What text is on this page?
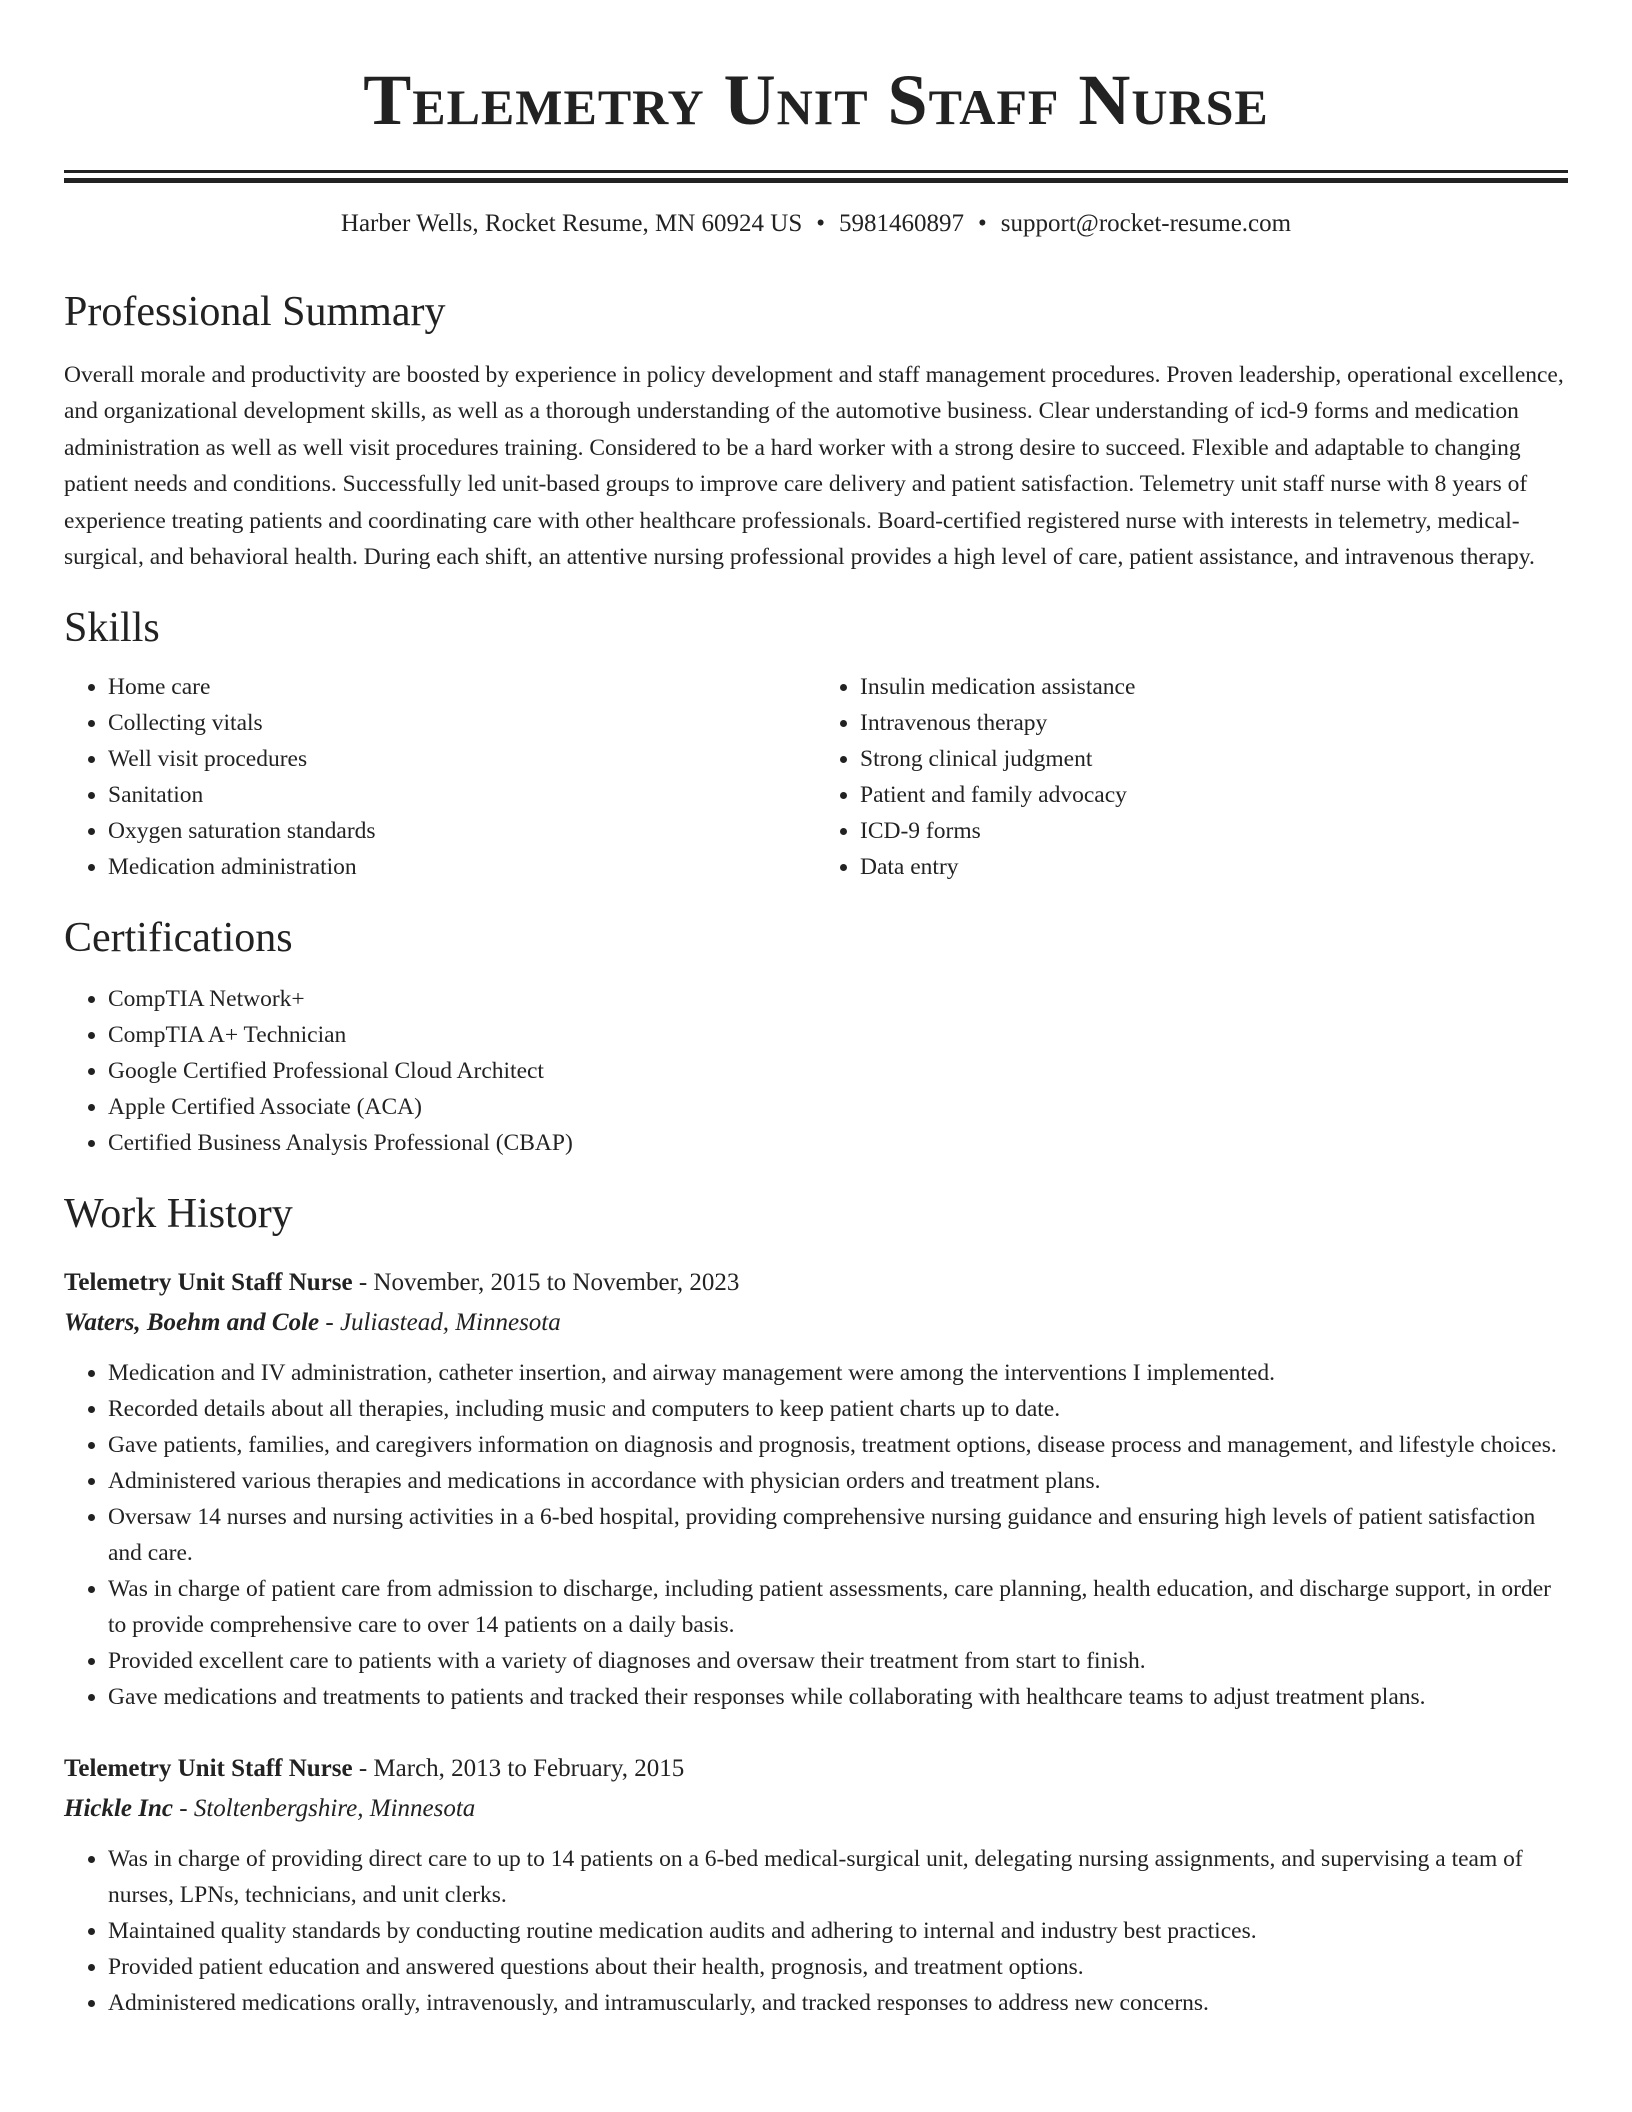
Telemetry Unit Staff Nurse
Harber Wells, Rocket Resume, MN 60924 US • 5981460897 • support@rocket-resume.com
Professional Summary

Overall morale and productivity are boosted by experience in policy development and staff management procedures. Proven leadership, operational excellence, and organizational development skills, as well as a thorough understanding of the automotive business. Clear understanding of icd-9 forms and medication administration as well as well visit procedures training. Considered to be a hard worker with a strong desire to succeed. Flexible and adaptable to changing patient needs and conditions. Successfully led unit-based groups to improve care delivery and patient satisfaction. Telemetry unit staff nurse with 8 years of experience treating patients and coordinating care with other healthcare professionals. Board-certified registered nurse with interests in telemetry, medical-surgical, and behavioral health. During each shift, an attentive nursing professional provides a high level of care, patient assistance, and intravenous therapy.

Skills
• Home care
• Collecting vitals
• Well visit procedures
• Sanitation
• Oxygen saturation standards
• Medication administration
• Insulin medication assistance
• Intravenous therapy
• Strong clinical judgment
• Patient and family advocacy
• ICD-9 forms
• Data entry
Certifications
• CompTIA Network+
• CompTIA A+ Technician
• Google Certified Professional Cloud Architect
• Apple Certified Associate (ACA)
• Certified Business Analysis Professional (CBAP)
Work History
Telemetry Unit Staff Nurse - November, 2015 to November, 2023
Waters, Boehm and Cole - Juliastead, Minnesota
• Medication and IV administration, catheter insertion, and airway management were among the interventions I implemented.
• Recorded details about all therapies, including music and computers to keep patient charts up to date.
• Gave patients, families, and caregivers information on diagnosis and prognosis, treatment options, disease process and management, and lifestyle choices.
• Administered various therapies and medications in accordance with physician orders and treatment plans.
• Oversaw 14 nurses and nursing activities in a 6-bed hospital, providing comprehensive nursing guidance and ensuring high levels of patient satisfaction and care.
• Was in charge of patient care from admission to discharge, including patient assessments, care planning, health education, and discharge support, in order to provide comprehensive care to over 14 patients on a daily basis.
• Provided excellent care to patients with a variety of diagnoses and oversaw their treatment from start to finish.
• Gave medications and treatments to patients and tracked their responses while collaborating with healthcare teams to adjust treatment plans.
Telemetry Unit Staff Nurse - March, 2013 to February, 2015
Hickle Inc - Stoltenbergshire, Minnesota
• Was in charge of providing direct care to up to 14 patients on a 6-bed medical-surgical unit, delegating nursing assignments, and supervising a team of nurses, LPNs, technicians, and unit clerks.
• Maintained quality standards by conducting routine medication audits and adhering to internal and industry best practices.
• Provided patient education and answered questions about their health, prognosis, and treatment options.
• Administered medications orally, intravenously, and intramuscularly, and tracked responses to address new concerns.
